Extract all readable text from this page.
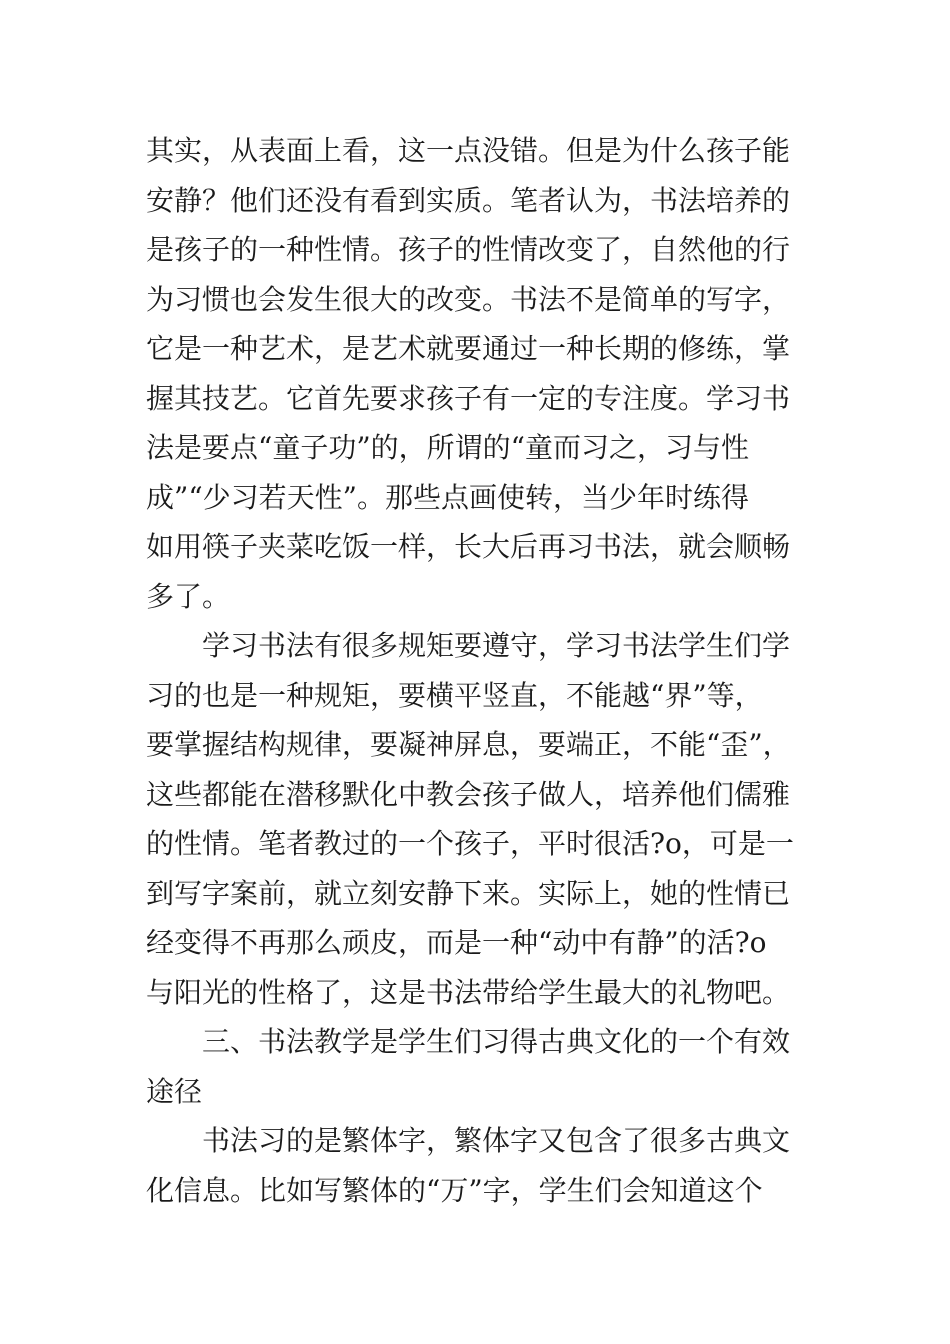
其实，从表面上看，这一点没错。但是为什么孩子能
安静？他们还没有看到实质。笔者认为，书法培养的
是孩子的一种性情。孩子的性情改变了，自然他的行
为习惯也会发生很大的改变。书法不是简单的写字，
它是一种艺术，是艺术就要通过一种长期的修练，掌
握其技艺。它首先要求孩子有一定的专注度。学习书
法是要点“童子功”的，所谓的“童而习之，习与性
成”“少习若天性”。那些点画使转，当少年时练得
如用筷子夹菜吃饭一样，长大后再习书法，就会顺畅
多了。
　　学习书法有很多规矩要遵守，学习书法学生们学
习的也是一种规矩，要横平竖直，不能越“界”等，
要掌握结构规律，要凝神屏息，要端正，不能“歪”，
这些都能在潜移默化中教会孩子做人，培养他们儒雅
的性情。笔者教过的一个孩子，平时很活?o，可是一
到写字案前，就立刻安静下来。实际上，她的性情已
经变得不再那么顽皮，而是一种“动中有静”的活?o
与阳光的性格了，这是书法带给学生最大的礼物吧。
　　三、书法教学是学生们习得古典文化的一个有效
途径
　　书法习的是繁体字，繁体字又包含了很多古典文
化信息。比如写繁体的“万”字，学生们会知道这个
